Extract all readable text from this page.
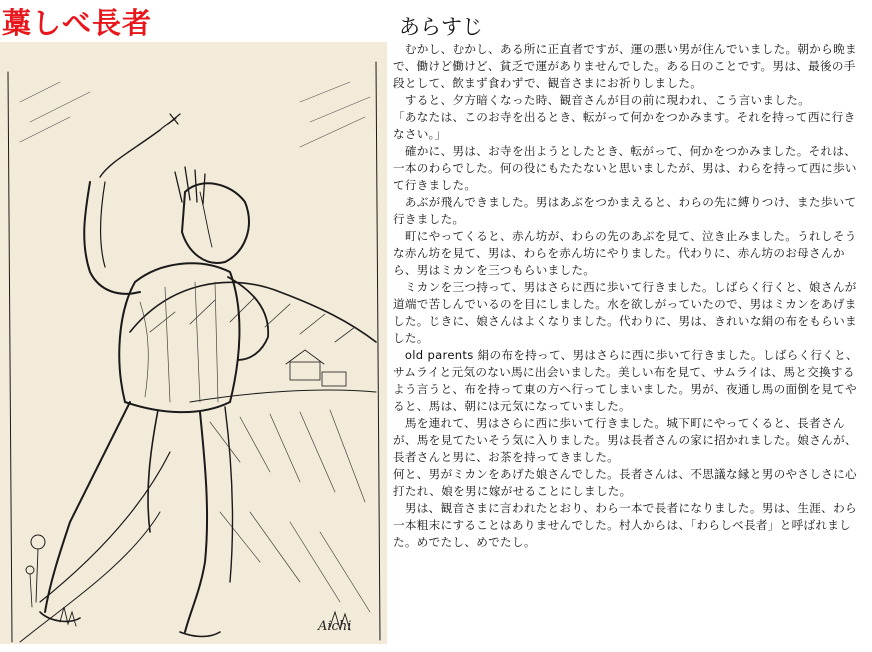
藁しべ長者
Aichi
あらすじ

　むかし、むかし、ある所に正直者ですが、運の悪い男が住んでいました。朝から晩まで、働けど働けど、貧乏で運がありませんでした。ある日のことです。男は、最後の手段として、飲まず食わずで、観音さまにお祈りしました。

　すると、夕方暗くなった時、観音さんが目の前に現われ、こう言いました。

「あなたは、このお寺を出るとき、転がって何かをつかみます。それを持って西に行きなさい。」

　確かに、男は、お寺を出ようとしたとき、転がって、何かをつかみました。それは、一本のわらでした。何の役にもたたないと思いましたが、男は、わらを持って西に歩いて行きました。

　あぶが飛んできました。男はあぶをつかまえると、わらの先に縛りつけ、また歩いて行きました。

　町にやってくると、赤ん坊が、わらの先のあぶを見て、泣き止みました。うれしそうな赤ん坊を見て、男は、わらを赤ん坊にやりました。代わりに、赤ん坊のお母さんから、男はミカンを三つもらいました。

　ミカンを三つ持って、男はさらに西に歩いて行きました。しばらく行くと、娘さんが道端で苦しんでいるのを目にしました。水を欲しがっていたので、男はミカンをあげました。じきに、娘さんはよくなりました。代わりに、男は、きれいな絹の布をもらいました。

　old parents 絹の布を持って、男はさらに西に歩いて行きました。しばらく行くと、サムライと元気のない馬に出会いました。美しい布を見て、サムライは、馬と交換するよう言うと、布を持って東の方へ行ってしまいました。男が、夜通し馬の面倒を見てやると、馬は、朝には元気になっていました。

　馬を連れて、男はさらに西に歩いて行きました。城下町にやってくると、長者さんが、馬を見てたいそう気に入りました。男は長者さんの家に招かれました。娘さんが、長者さんと男に、お茶を持ってきました。

何と、男がミカンをあげた娘さんでした。長者さんは、不思議な縁と男のやさしさに心打たれ、娘を男に嫁がせることにしました。

　男は、観音さまに言われたとおり、わら一本で長者になりました。男は、生涯、わら一本粗末にすることはありませんでした。村人からは、「わらしべ長者」と呼ばれました。めでたし、めでたし。
